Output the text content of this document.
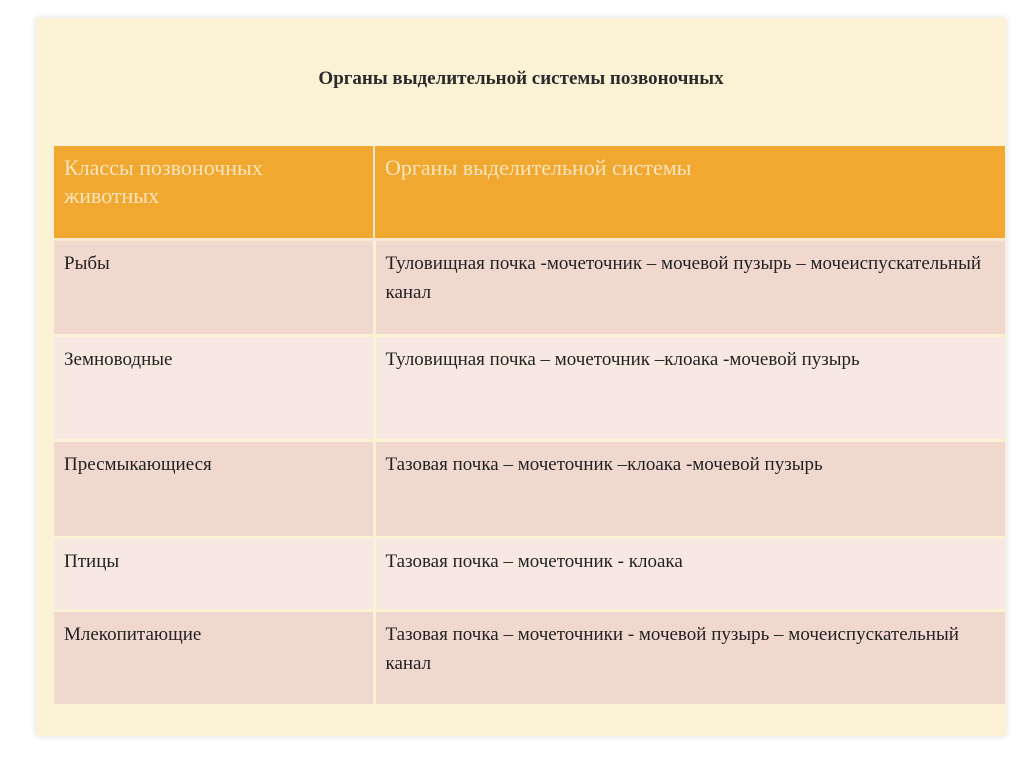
Органы выделительной системы позвоночных
Классы позвоночных животных	Органы выделительной системы
Рыбы	Туловищная почка -мочеточник – мочевой пузырь – мочеиспускательный канал
Земноводные	Туловищная почка – мочеточник –клоака -мочевой пузырь
Пресмыкающиеся	Тазовая почка – мочеточник –клоака -мочевой пузырь
Птицы	Тазовая почка – мочеточник - клоака
Млекопитающие	Тазовая почка – мочеточники - мочевой пузырь – мочеиспускательный канал
